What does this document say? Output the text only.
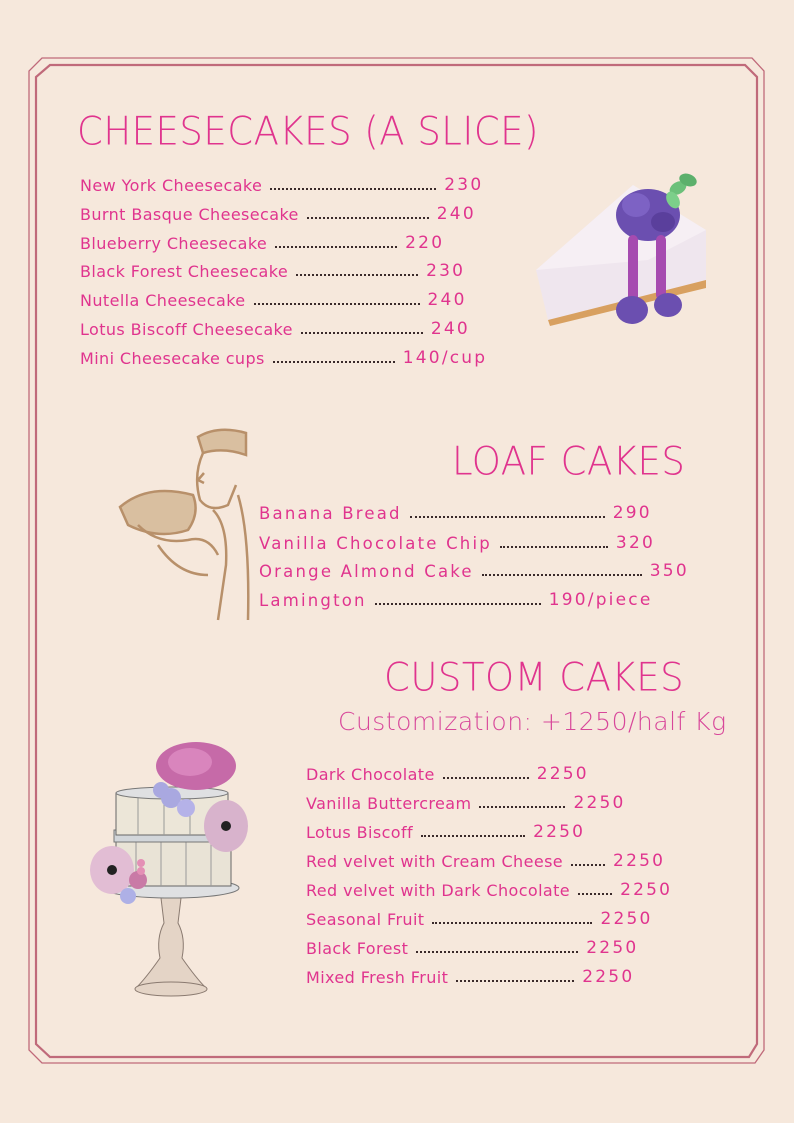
CHEESECAKES (A SLICE)
New York Cheesecake	230
Burnt Basque Cheesecake	240
Blueberry Cheesecake	220
Black Forest Cheesecake	230
Nutella Cheesecake	240
Lotus Biscoff Cheesecake	240
Mini Cheesecake cups	140/cup
LOAF CAKES
Banana Bread	290
Vanilla Chocolate Chip	320
Orange Almond Cake	350
Lamington	190/piece
CUSTOM CAKES
Customization: +1250/half Kg
Dark Chocolate	2250
Vanilla Buttercream	2250
Lotus Biscoff	2250
Red velvet with Cream Cheese	2250
Red velvet with Dark Chocolate	2250
Seasonal Fruit	2250
Black Forest	2250
Mixed Fresh Fruit	2250
